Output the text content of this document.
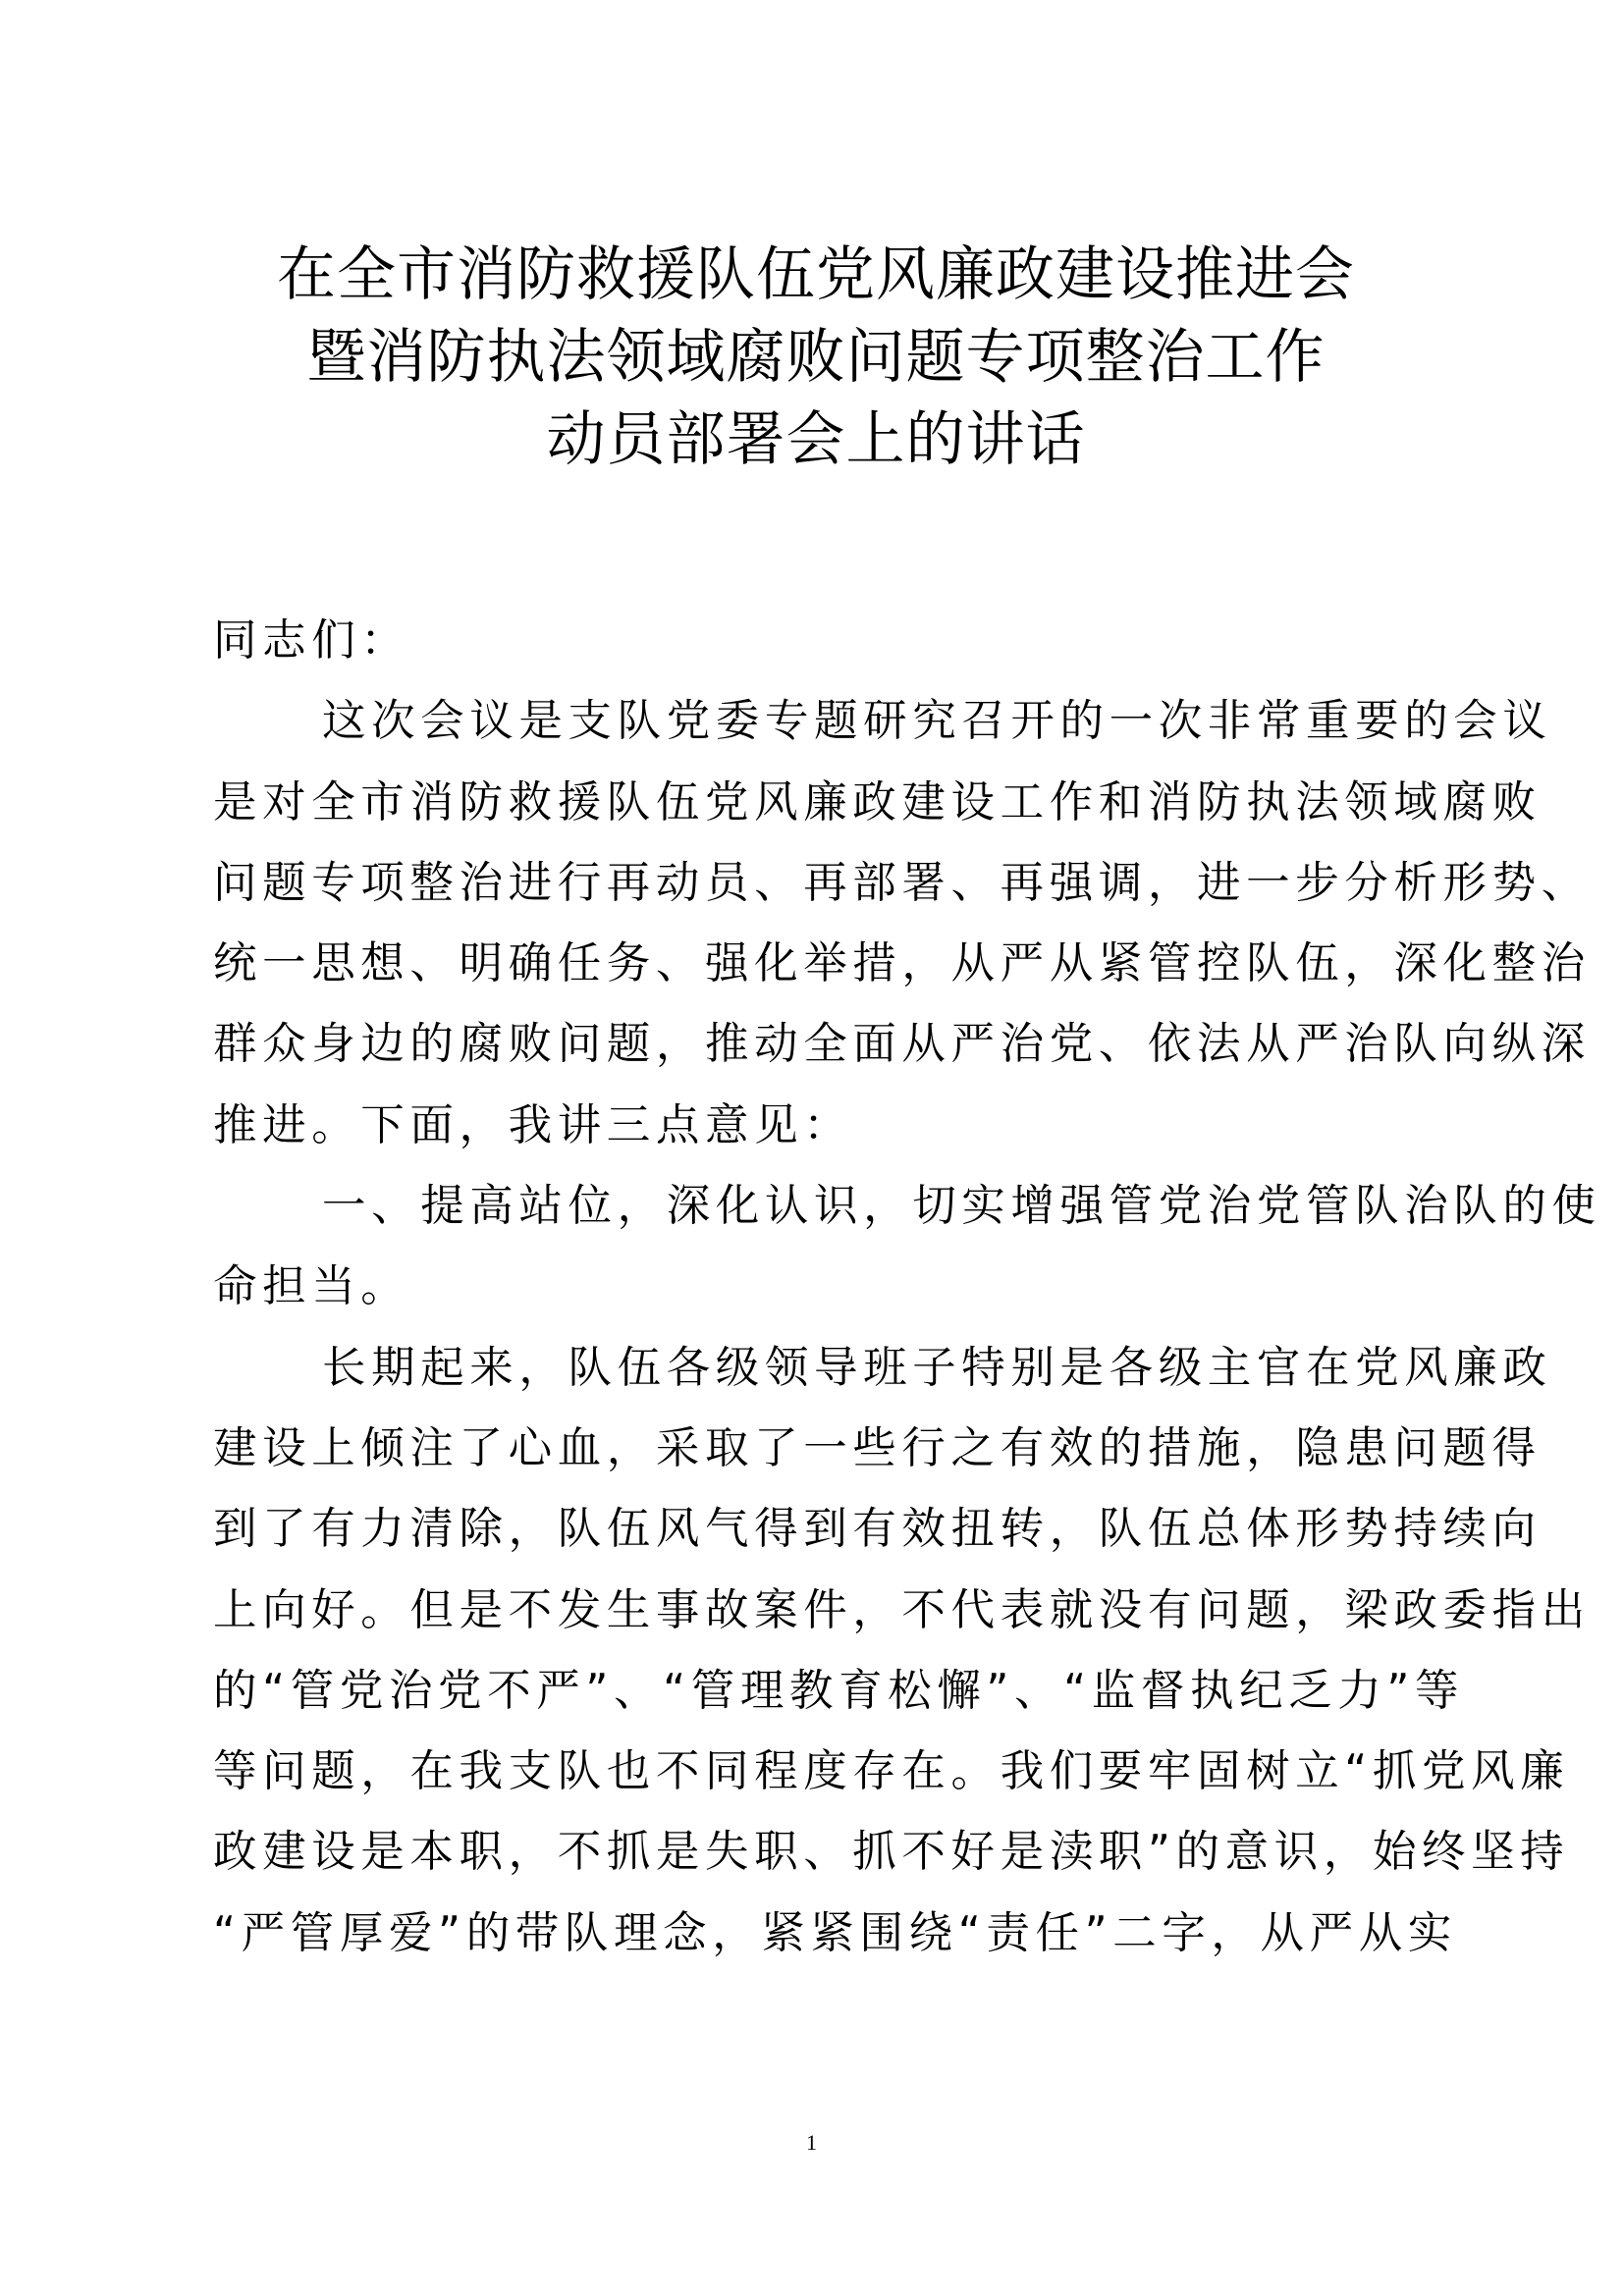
在全市消防救援队伍党风廉政建设推进会
暨消防执法领域腐败问题专项整治工作
动员部署会上的讲话
同志们：
这次会议是支队党委专题研究召开的一次非常重要的会议
是对全市消防救援队伍党风廉政建设工作和消防执法领域腐败
问题专项整治进行再动员、再部署、再强调，进一步分析形势、
统一思想、明确任务、强化举措，从严从紧管控队伍，深化整治
群众身边的腐败问题，推动全面从严治党、依法从严治队向纵深
推进。下面，我讲三点意见：
一、提高站位，深化认识，切实增强管党治党管队治队的使
命担当。
长期起来，队伍各级领导班子特别是各级主官在党风廉政
建设上倾注了心血，采取了一些行之有效的措施，隐患问题得
到了有力清除，队伍风气得到有效扭转，队伍总体形势持续向
上向好。但是不发生事故案件，不代表就没有问题，梁政委指出
的“管党治党不严”、“管理教育松懈”、“监督执纪乏力”等
等问题，在我支队也不同程度存在。我们要牢固树立“抓党风廉
政建设是本职，不抓是失职、抓不好是渎职”的意识，始终坚持
“严管厚爱”的带队理念，紧紧围绕“责任”二字，从严从实
1
